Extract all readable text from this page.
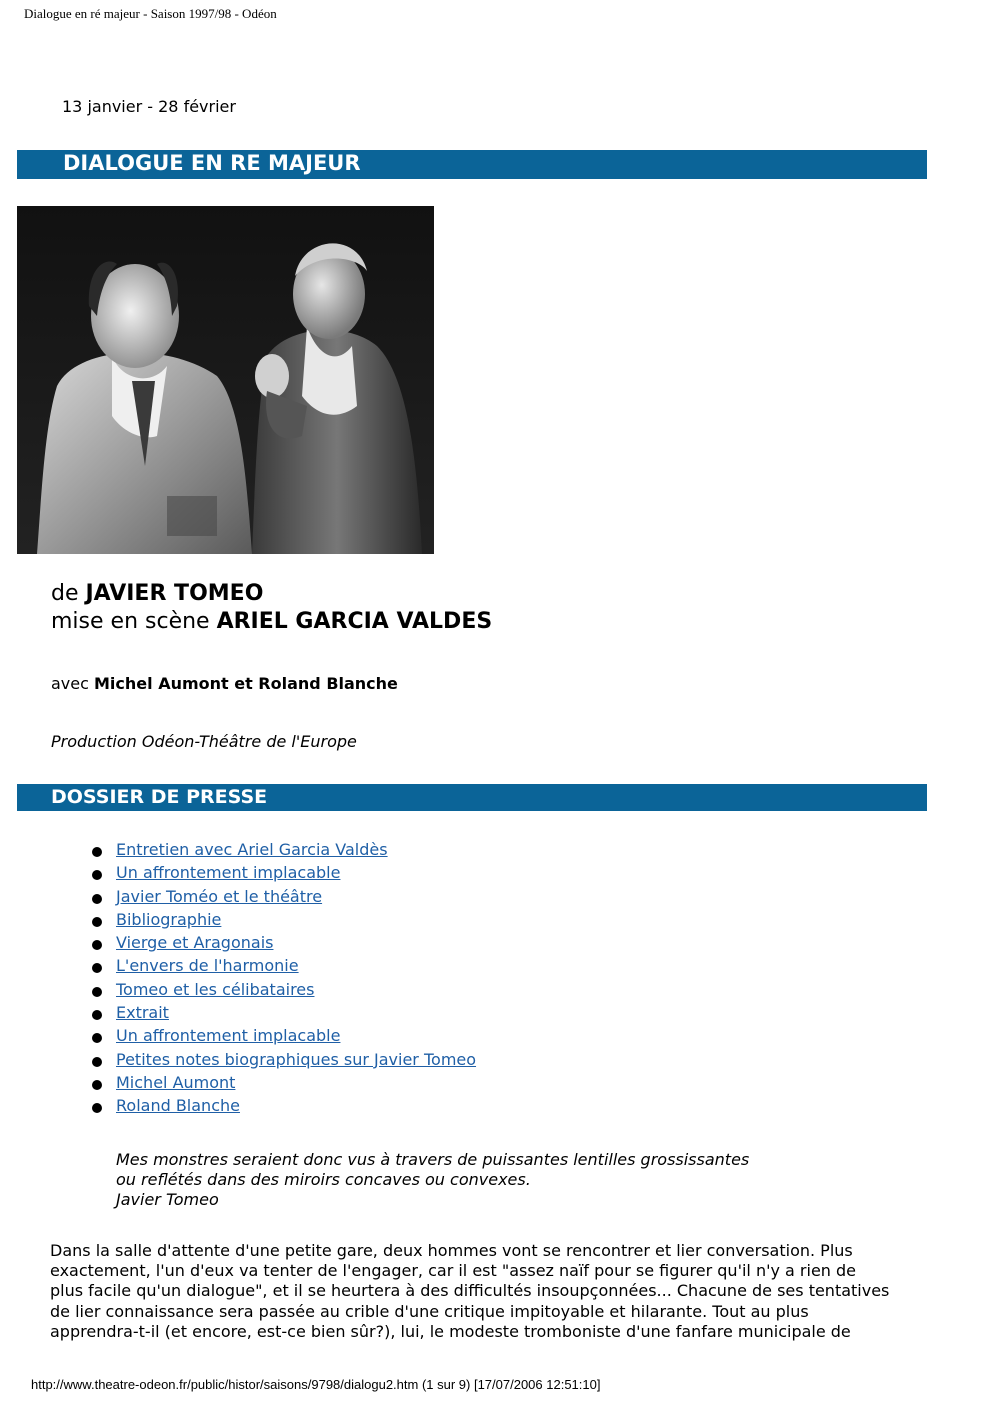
Dialogue en ré majeur - Saison 1997/98 - Odéon
13 janvier - 28 février
DIALOGUE EN RE MAJEUR
de JAVIER TOMEO
mise en scène ARIEL GARCIA VALDES
avec Michel Aumont et Roland Blanche
Production Odéon-Théâtre de l'Europe
DOSSIER DE PRESSE
Entretien avec Ariel Garcia Valdès
Un affrontement implacable
Javier Toméo et le théâtre
Bibliographie
Vierge et Aragonais
L'envers de l'harmonie
Tomeo et les célibataires
Extrait
Un affrontement implacable
Petites notes biographiques sur Javier Tomeo
Michel Aumont
Roland Blanche
Mes monstres seraient donc vus à travers de puissantes lentilles grossissantes
ou reflétés dans des miroirs concaves ou convexes.
Javier Tomeo
Dans la salle d'attente d'une petite gare, deux hommes vont se rencontrer et lier conversation. Plus
exactement, l'un d'eux va tenter de l'engager, car il est "assez naïf pour se figurer qu'il n'y a rien de
plus facile qu'un dialogue", et il se heurtera à des difficultés insoupçonnées... Chacune de ses tentatives
de lier connaissance sera passée au crible d'une critique impitoyable et hilarante. Tout au plus
apprendra-t-il (et encore, est-ce bien sûr?), lui, le modeste tromboniste d'une fanfare municipale de
http://www.theatre-odeon.fr/public/histor/saisons/9798/dialogu2.htm (1 sur 9) [17/07/2006 12:51:10]
